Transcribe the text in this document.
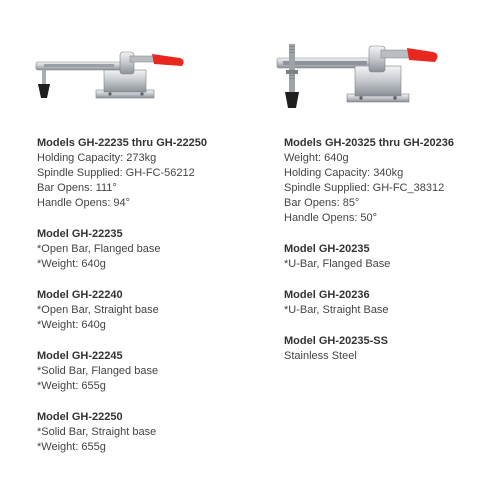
Models GH-22235 thru GH-22250
Holding Capacity: 273kg
Spindle Supplied: GH-FC-56212
Bar Opens: 111°
Handle Opens: 94°
Model GH-22235
*Open Bar, Flanged base
*Weight: 640g
Model GH-22240
*Open Bar, Straight base
*Weight: 640g
Model GH-22245
*Solid Bar, Flanged base
*Weight: 655g
Model GH-22250
*Solid Bar, Straight base
*Weight: 655g
Models GH-20325 thru GH-20236
Weight: 640g
Holding Capacity: 340kg
Spindle Supplied: GH-FC_38312
Bar Opens: 85°
Handle Opens: 50°
Model GH-20235
*U-Bar, Flanged Base
Model GH-20236
*U-Bar, Straight Base
Model GH-20235-SS
Stainless Steel
